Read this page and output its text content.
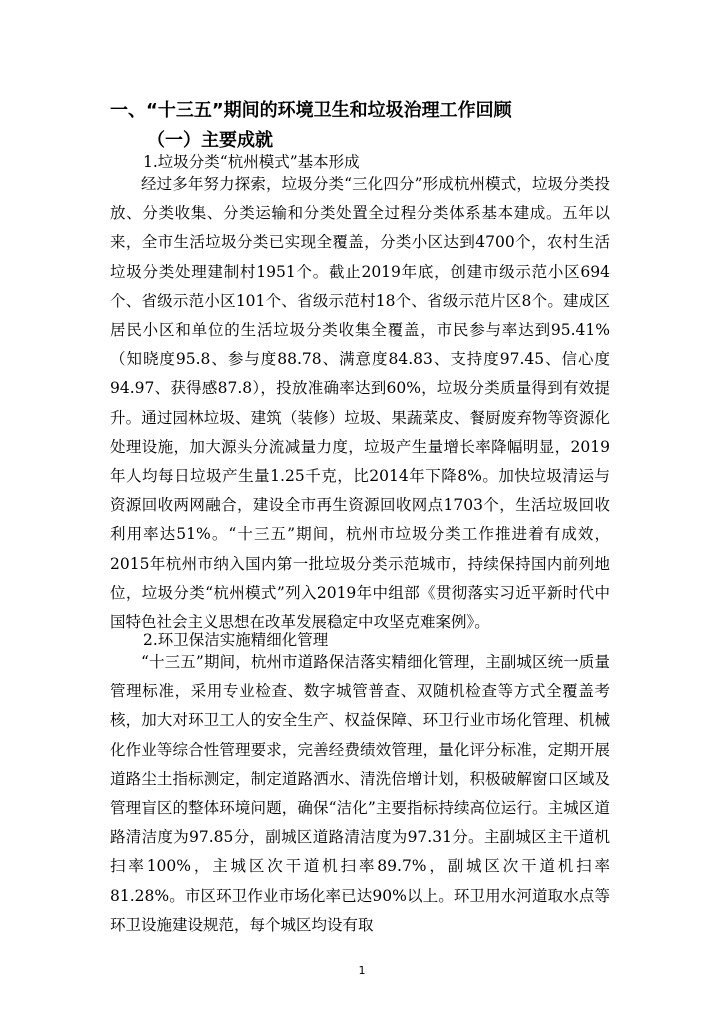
一、“十三五”期间的环境卫生和垃圾治理工作回顾
（一）主要成就
1.垃圾分类“杭州模式”基本形成
经过多年努力探索，垃圾分类“三化四分”形成杭州模式，垃圾分类投放、分类收集、分类运输和分类处置全过程分类体系基本建成。五年以来，全市生活垃圾分类已实现全覆盖，分类小区达到4700个，农村生活垃圾分类处理建制村1951个。截止2019年底，创建市级示范小区694个、省级示范小区101个、省级示范村18个、省级示范片区8个。建成区居民小区和单位的生活垃圾分类收集全覆盖，市民参与率达到95.41%（知晓度95.8、参与度88.78、满意度84.83、支持度97.45、信心度94.97、获得感87.8），投放准确率达到60%，垃圾分类质量得到有效提升。通过园林垃圾、建筑（装修）垃圾、果蔬菜皮、餐厨废弃物等资源化处理设施，加大源头分流减量力度，垃圾产生量增长率降幅明显，2019年人均每日垃圾产生量1.25千克，比2014年下降8%。加快垃圾清运与资源回收两网融合，建设全市再生资源回收网点1703个，生活垃圾回收利用率达51%。“十三五”期间，杭州市垃圾分类工作推进着有成效，2015年杭州市纳入国内第一批垃圾分类示范城市，持续保持国内前列地位，垃圾分类“杭州模式”列入2019年中组部《贯彻落实习近平新时代中国特色社会主义思想在改革发展稳定中攻坚克难案例》。
2.环卫保洁实施精细化管理
“十三五”期间，杭州市道路保洁落实精细化管理，主副城区统一质量管理标准，采用专业检查、数字城管普查、双随机检查等方式全覆盖考核，加大对环卫工人的安全生产、权益保障、环卫行业市场化管理、机械化作业等综合性管理要求，完善经费绩效管理，量化评分标准，定期开展道路尘土指标测定，制定道路洒水、清洗倍增计划，积极破解窗口区域及管理盲区的整体环境问题，确保“洁化”主要指标持续高位运行。主城区道路清洁度为97.85分，副城区道路清洁度为97.31分。主副城区主干道机扫率100%，主城区次干道机扫率89.7%，副城区次干道机扫率81.28%。市区环卫作业市场化率已达90%以上。环卫用水河道取水点等环卫设施建设规范，每个城区均设有取
1
